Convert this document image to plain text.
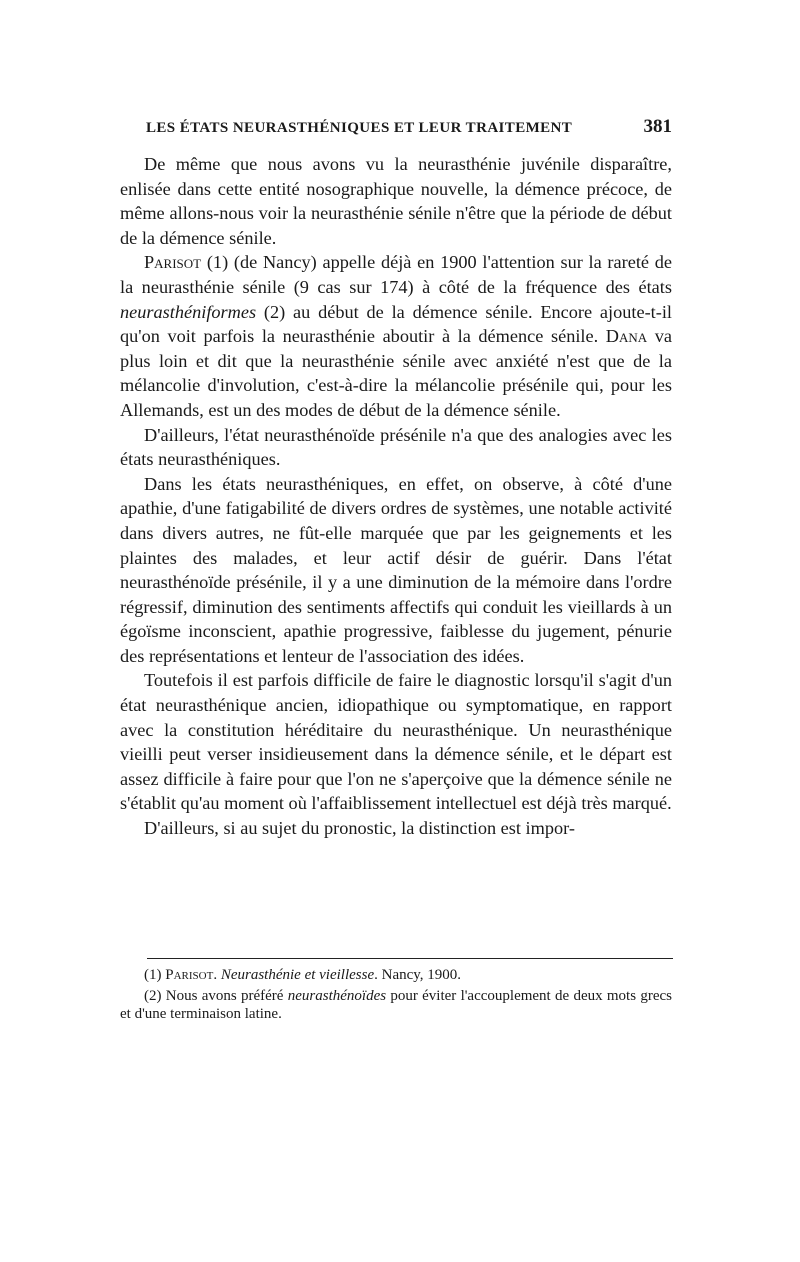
LES ÉTATS NEURASTHÉNIQUES ET LEUR TRAITEMENT	381

De même que nous avons vu la neurasthénie juvénile disparaître, enlisée dans cette entité nosographique nouvelle, la démence précoce, de même allons-nous voir la neurasthénie sénile n'être que la période de début de la démence sénile.

Parisot (1) (de Nancy) appelle déjà en 1900 l'attention sur la rareté de la neurasthénie sénile (9 cas sur 174) à côté de la fréquence des états neurasthéniformes (2) au début de la démence sénile. Encore ajoute-t-il qu'on voit parfois la neurasthénie aboutir à la démence sénile. Dana va plus loin et dit que la neurasthénie sénile avec anxiété n'est que de la mélancolie d'involution, c'est-à-dire la mélancolie présénile qui, pour les Allemands, est un des modes de début de la démence sénile.

D'ailleurs, l'état neurasthénoïde présénile n'a que des analogies avec les états neurasthéniques.

Dans les états neurasthéniques, en effet, on observe, à côté d'une apathie, d'une fatigabilité de divers ordres de systèmes, une notable activité dans divers autres, ne fût-elle marquée que par les geignements et les plaintes des malades, et leur actif désir de guérir. Dans l'état neurasthénoïde présénile, il y a une diminution de la mémoire dans l'ordre régressif, diminution des sentiments affectifs qui conduit les vieillards à un égoïsme inconscient, apathie progressive, faiblesse du jugement, pénurie des représentations et lenteur de l'association des idées.

Toutefois il est parfois difficile de faire le diagnostic lorsqu'il s'agit d'un état neurasthénique ancien, idiopathique ou symptomatique, en rapport avec la constitution héréditaire du neurasthénique. Un neurasthénique vieilli peut verser insidieusement dans la démence sénile, et le départ est assez difficile à faire pour que l'on ne s'aperçoive que la démence sénile ne s'établit qu'au moment où l'affaiblissement intellectuel est déjà très marqué.

D'ailleurs, si au sujet du pronostic, la distinction est impor-

(1) Parisot. Neurasthénie et vieillesse. Nancy, 1900.

(2) Nous avons préféré neurasthénoïdes pour éviter l'accouplement de deux mots grecs et d'une terminaison latine.
